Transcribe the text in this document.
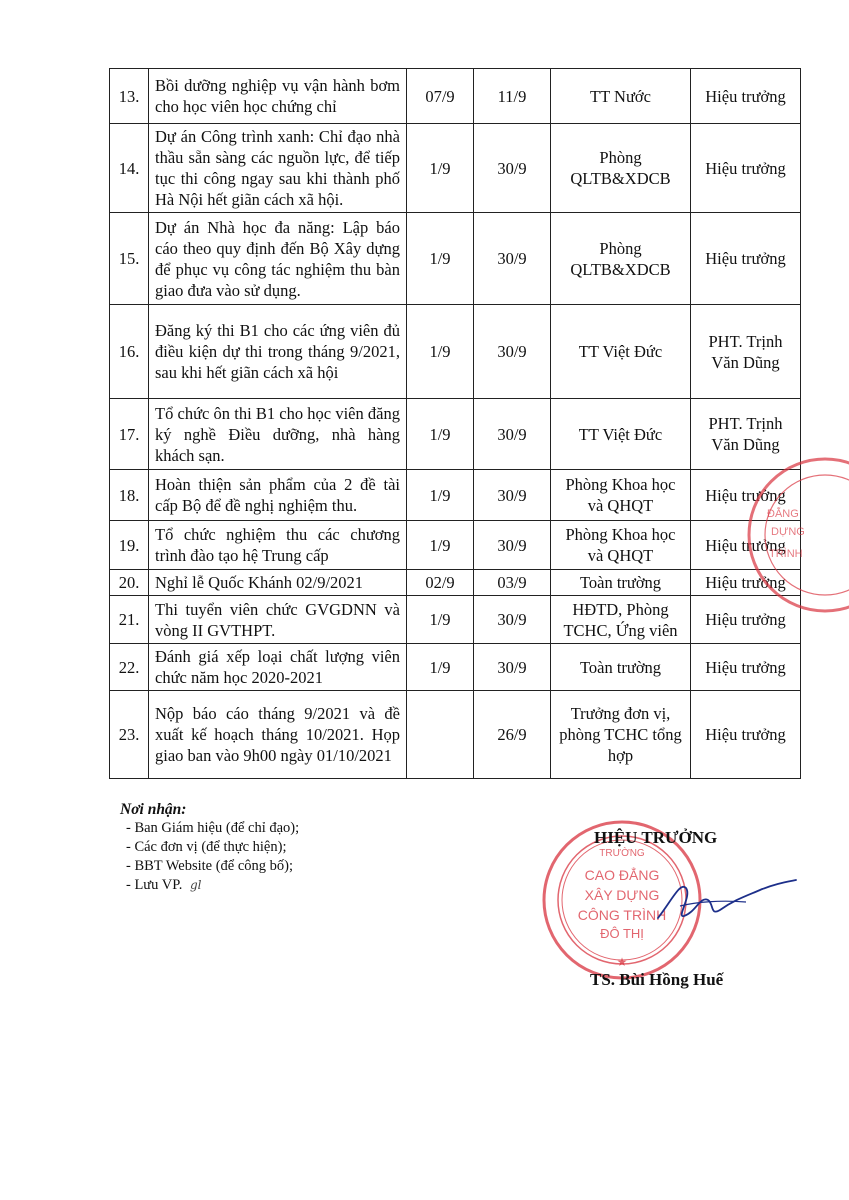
13.	Bồi dưỡng nghiệp vụ vận hành bơm cho học viên học chứng chỉ	07/9	11/9	TT Nước	Hiệu trưởng
14.	Dự án Công trình xanh: Chỉ đạo nhà thầu sẵn sàng các nguồn lực, để tiếp tục thi công ngay sau khi thành phố Hà Nội hết giãn cách xã hội.	1/9	30/9	Phòng QLTB&XDCB	Hiệu trưởng
15.	Dự án Nhà học đa năng: Lập báo cáo theo quy định đến Bộ Xây dựng để phục vụ công tác nghiệm thu bàn giao đưa vào sử dụng.	1/9	30/9	Phòng QLTB&XDCB	Hiệu trưởng
16.	Đăng ký thi B1 cho các ứng viên đủ điều kiện dự thi trong tháng 9/2021, sau khi hết giãn cách xã hội	1/9	30/9	TT Việt Đức	PHT. Trịnh Văn Dũng
17.	Tổ chức ôn thi B1 cho học viên đăng ký nghề Điều dưỡng, nhà hàng khách sạn.	1/9	30/9	TT Việt Đức	PHT. Trịnh Văn Dũng
18.	Hoàn thiện sản phẩm của 2 đề tài cấp Bộ để đề nghị nghiệm thu.	1/9	30/9	Phòng Khoa học và QHQT	Hiệu trưởng
19.	Tổ chức nghiệm thu các chương trình đào tạo hệ Trung cấp	1/9	30/9	Phòng Khoa học và QHQT	Hiệu trưởng
20.	Nghỉ lễ Quốc Khánh 02/9/2021	02/9	03/9	Toàn trường	Hiệu trưởng
21.	Thi tuyển viên chức GVGDNN và vòng II GVTHPT.	1/9	30/9	HĐTD, Phòng TCHC, Ứng viên	Hiệu trưởng
22.	Đánh giá xếp loại chất lượng viên chức năm học 2020-2021	1/9	30/9	Toàn trường	Hiệu trưởng
23.	Nộp báo cáo tháng 9/2021 và đề xuất kế hoạch tháng 10/2021. Họp giao ban vào 9h00 ngày 01/10/2021		26/9	Trưởng đơn vị, phòng TCHC tổng hợp	Hiệu trưởng
TRƯỜNG
CAO ĐẲNG
XÂY DỰNG
CÔNG TRÌNH
ĐÔ THỊ
★
ĐẲNG
DỰNG
TRÌNH
HIỆU TRƯỞNG
TS. Bùi Hồng Huế
Nơi nhận:
- Ban Giám hiệu (để chỉ đạo);
- Các đơn vị (để thực hiện);
- BBT Website (để công bố);
- Lưu VP. gl
